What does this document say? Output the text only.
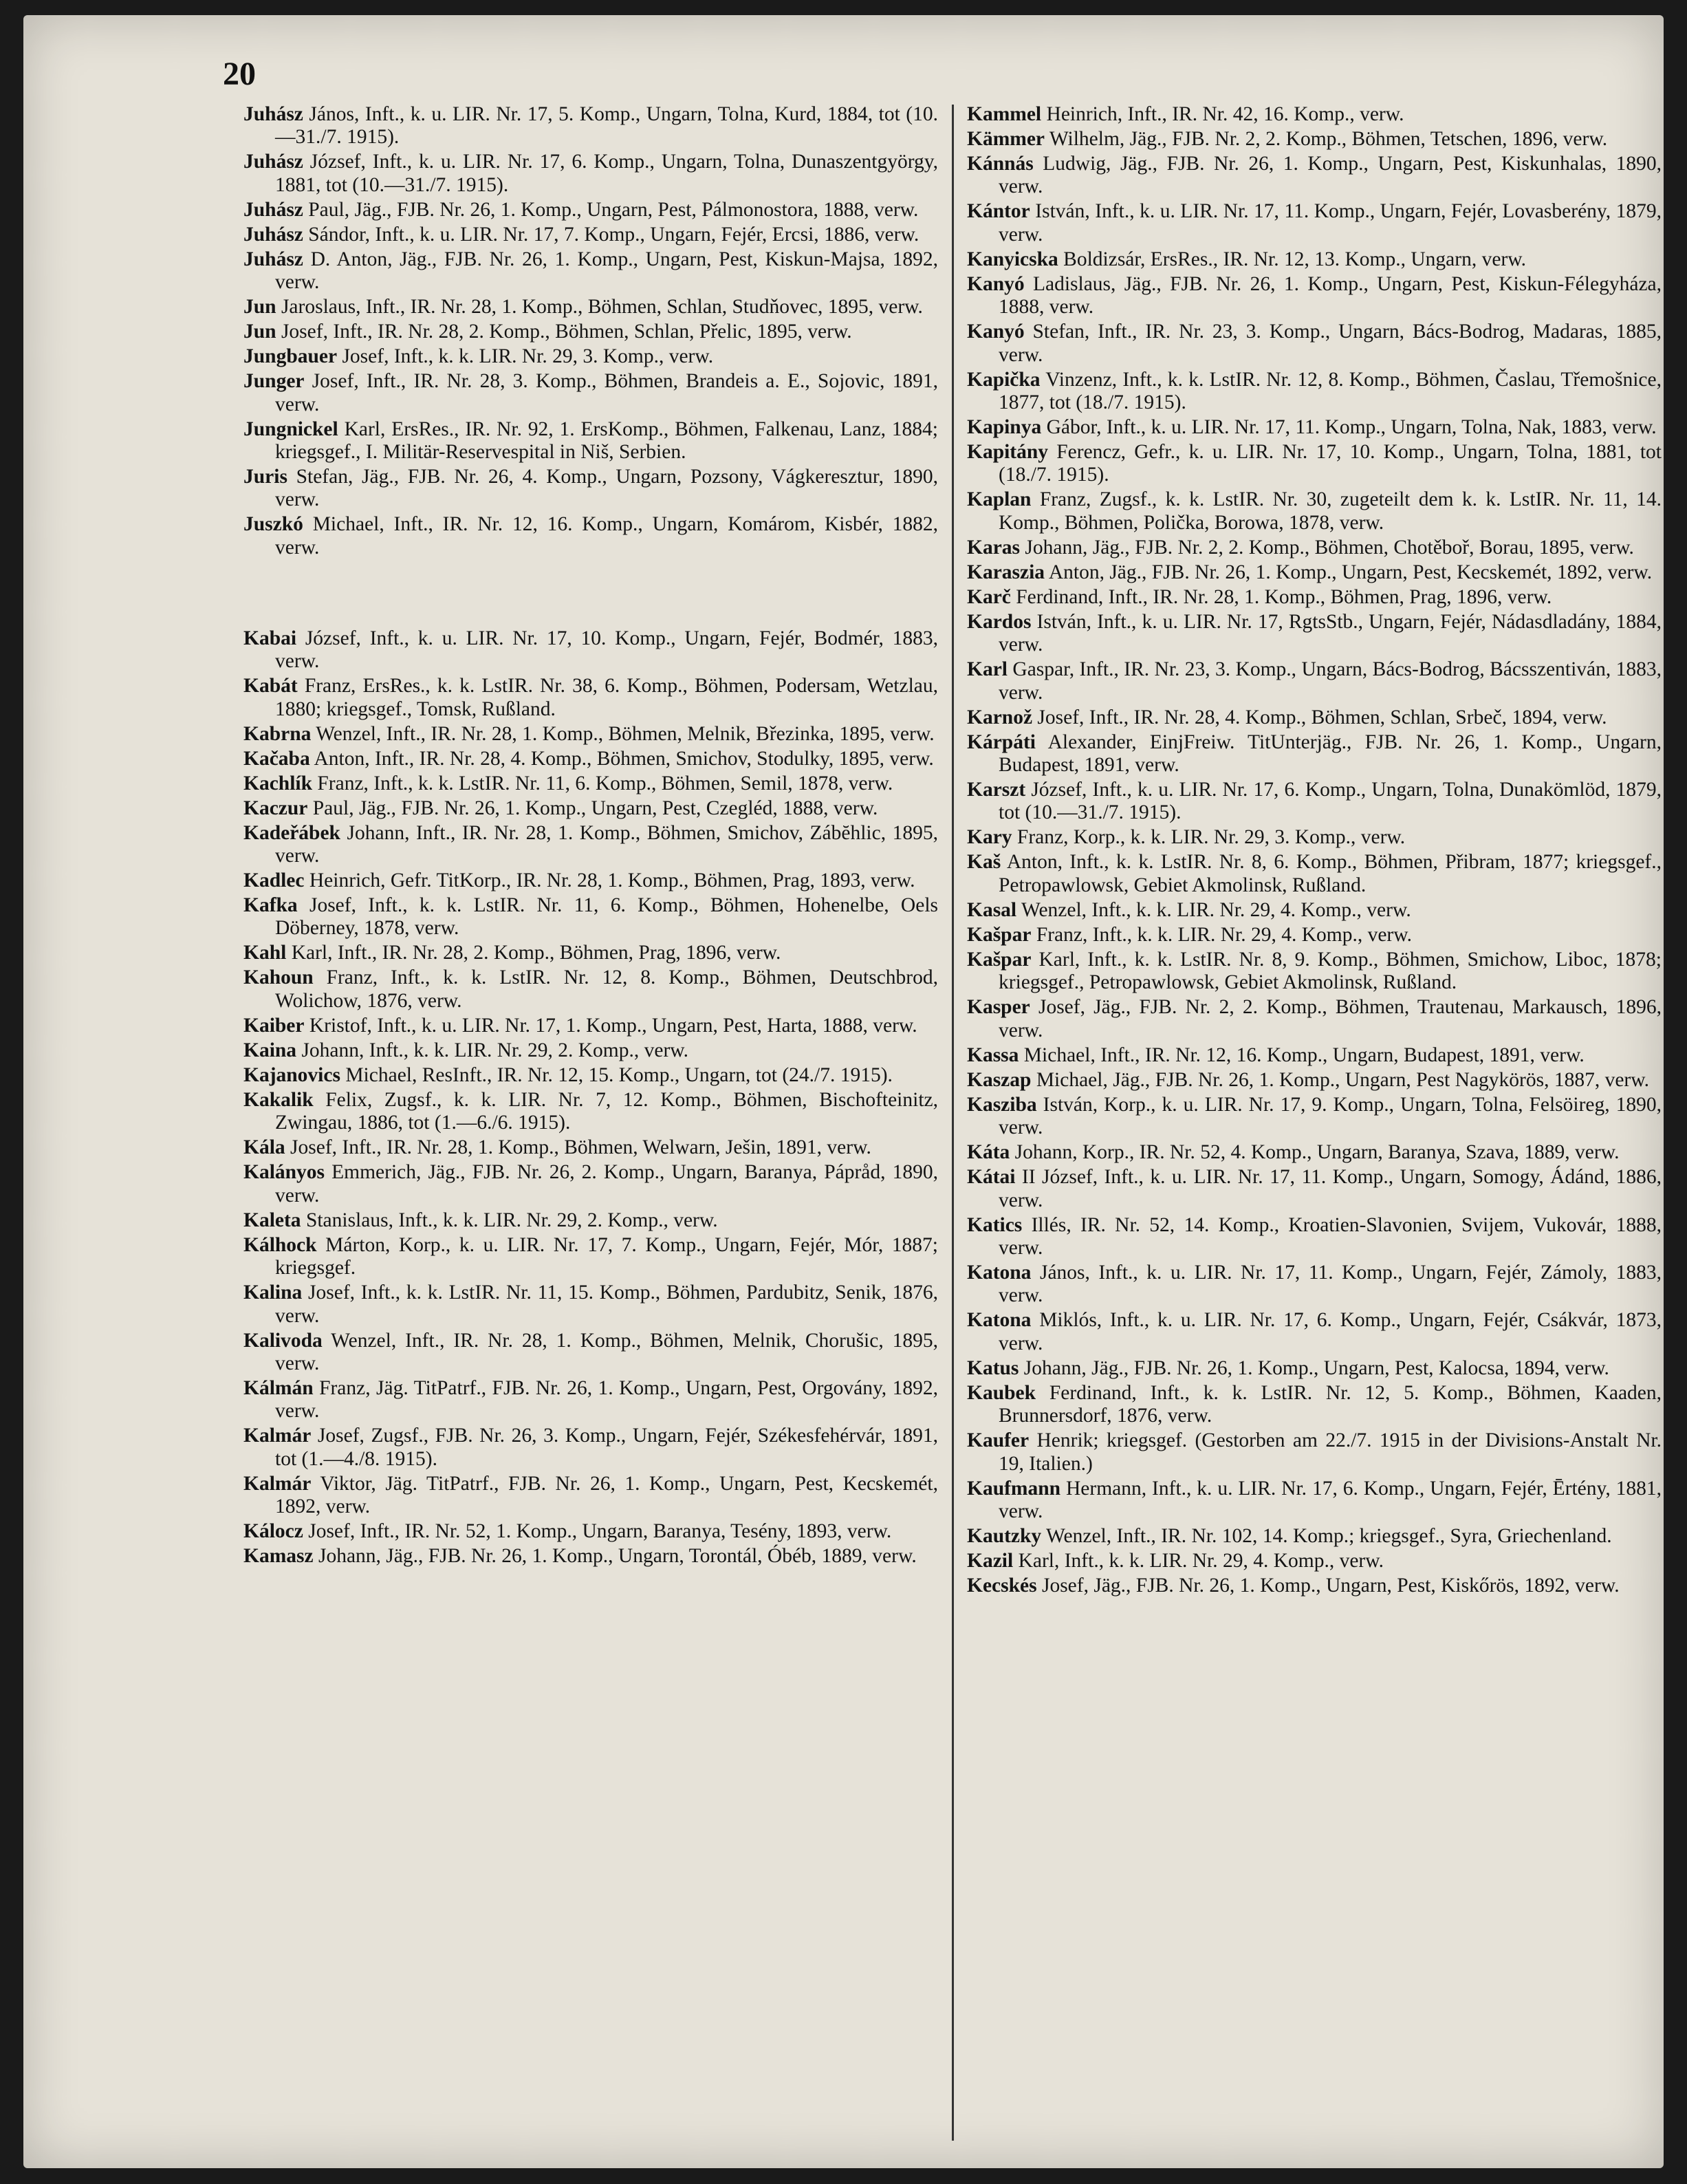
20
Juhász János, Inft., k. u. LIR. Nr. 17, 5. Komp., Ungarn, Tolna, Kurd, 1884, tot (10.—31./7. 1915).
Juhász József, Inft., k. u. LIR. Nr. 17, 6. Komp., Ungarn, Tolna, Dunaszentgyörgy, 1881, tot (10.—31./7. 1915).
Juhász Paul, Jäg., FJB. Nr. 26, 1. Komp., Ungarn, Pest, Pálmonostora, 1888, verw.
Juhász Sándor, Inft., k. u. LIR. Nr. 17, 7. Komp., Ungarn, Fejér, Ercsi, 1886, verw.
Juhász D. Anton, Jäg., FJB. Nr. 26, 1. Komp., Ungarn, Pest, Kiskun-Majsa, 1892, verw.
Jun Jaroslaus, Inft., IR. Nr. 28, 1. Komp., Böhmen, Schlan, Studňovec, 1895, verw.
Jun Josef, Inft., IR. Nr. 28, 2. Komp., Böhmen, Schlan, Přelic, 1895, verw.
Jungbauer Josef, Inft., k. k. LIR. Nr. 29, 3. Komp., verw.
Junger Josef, Inft., IR. Nr. 28, 3. Komp., Böhmen, Brandeis a. E., Sojovic, 1891, verw.
Jungnickel Karl, ErsRes., IR. Nr. 92, 1. ErsKomp., Böhmen, Falkenau, Lanz, 1884; kriegsgef., I. Militär-Reservespital in Niš, Serbien.
Juris Stefan, Jäg., FJB. Nr. 26, 4. Komp., Ungarn, Pozsony, Vágkeresztur, 1890, verw.
Juszkó Michael, Inft., IR. Nr. 12, 16. Komp., Ungarn, Komárom, Kisbér, 1882, verw.
Kabai József, Inft., k. u. LIR. Nr. 17, 10. Komp., Ungarn, Fejér, Bodmér, 1883, verw.
Kabát Franz, ErsRes., k. k. LstIR. Nr. 38, 6. Komp., Böhmen, Podersam, Wetzlau, 1880; kriegsgef., Tomsk, Rußland.
Kabrna Wenzel, Inft., IR. Nr. 28, 1. Komp., Böhmen, Melnik, Březinka, 1895, verw.
Kačaba Anton, Inft., IR. Nr. 28, 4. Komp., Böhmen, Smichov, Stodulky, 1895, verw.
Kachlík Franz, Inft., k. k. LstIR. Nr. 11, 6. Komp., Böhmen, Semil, 1878, verw.
Kaczur Paul, Jäg., FJB. Nr. 26, 1. Komp., Ungarn, Pest, Czegléd, 1888, verw.
Kadeřábek Johann, Inft., IR. Nr. 28, 1. Komp., Böhmen, Smichov, Zábĕhlic, 1895, verw.
Kadlec Heinrich, Gefr. TitKorp., IR. Nr. 28, 1. Komp., Böhmen, Prag, 1893, verw.
Kafka Josef, Inft., k. k. LstIR. Nr. 11, 6. Komp., Böhmen, Hohenelbe, Oels Döberney, 1878, verw.
Kahl Karl, Inft., IR. Nr. 28, 2. Komp., Böhmen, Prag, 1896, verw.
Kahoun Franz, Inft., k. k. LstIR. Nr. 12, 8. Komp., Böhmen, Deutschbrod, Wolichow, 1876, verw.
Kaiber Kristof, Inft., k. u. LIR. Nr. 17, 1. Komp., Ungarn, Pest, Harta, 1888, verw.
Kaina Johann, Inft., k. k. LIR. Nr. 29, 2. Komp., verw.
Kajanovics Michael, ResInft., IR. Nr. 12, 15. Komp., Ungarn, tot (24./7. 1915).
Kakalik Felix, Zugsf., k. k. LIR. Nr. 7, 12. Komp., Böhmen, Bischofteinitz, Zwingau, 1886, tot (1.—6./6. 1915).
Kála Josef, Inft., IR. Nr. 28, 1. Komp., Böhmen, Welwarn, Ješin, 1891, verw.
Kalányos Emmerich, Jäg., FJB. Nr. 26, 2. Komp., Ungarn, Baranya, Pápråd, 1890, verw.
Kaleta Stanislaus, Inft., k. k. LIR. Nr. 29, 2. Komp., verw.
Kálhock Márton, Korp., k. u. LIR. Nr. 17, 7. Komp., Ungarn, Fejér, Mór, 1887; kriegsgef.
Kalina Josef, Inft., k. k. LstIR. Nr. 11, 15. Komp., Böhmen, Pardubitz, Senik, 1876, verw.
Kalivoda Wenzel, Inft., IR. Nr. 28, 1. Komp., Böhmen, Melnik, Chorušic, 1895, verw.
Kálmán Franz, Jäg. TitPatrf., FJB. Nr. 26, 1. Komp., Ungarn, Pest, Orgovány, 1892, verw.
Kalmár Josef, Zugsf., FJB. Nr. 26, 3. Komp., Ungarn, Fejér, Székesfehérvár, 1891, tot (1.—4./8. 1915).
Kalmár Viktor, Jäg. TitPatrf., FJB. Nr. 26, 1. Komp., Ungarn, Pest, Kecskemét, 1892, verw.
Kálocz Josef, Inft., IR. Nr. 52, 1. Komp., Ungarn, Baranya, Tesény, 1893, verw.
Kamasz Johann, Jäg., FJB. Nr. 26, 1. Komp., Ungarn, Torontál, Óbéb, 1889, verw.
Kammel Heinrich, Inft., IR. Nr. 42, 16. Komp., verw.
Kämmer Wilhelm, Jäg., FJB. Nr. 2, 2. Komp., Böhmen, Tetschen, 1896, verw.
Kánnás Ludwig, Jäg., FJB. Nr. 26, 1. Komp., Ungarn, Pest, Kiskunhalas, 1890, verw.
Kántor István, Inft., k. u. LIR. Nr. 17, 11. Komp., Ungarn, Fejér, Lovasberény, 1879, verw.
Kanyicska Boldizsár, ErsRes., IR. Nr. 12, 13. Komp., Ungarn, verw.
Kanyó Ladislaus, Jäg., FJB. Nr. 26, 1. Komp., Ungarn, Pest, Kiskun-Félegyháza, 1888, verw.
Kanyó Stefan, Inft., IR. Nr. 23, 3. Komp., Ungarn, Bács-Bodrog, Madaras, 1885, verw.
Kapička Vinzenz, Inft., k. k. LstIR. Nr. 12, 8. Komp., Böhmen, Časlau, Třemošnice, 1877, tot (18./7. 1915).
Kapinya Gábor, Inft., k. u. LIR. Nr. 17, 11. Komp., Ungarn, Tolna, Nak, 1883, verw.
Kapitány Ferencz, Gefr., k. u. LIR. Nr. 17, 10. Komp., Ungarn, Tolna, 1881, tot (18./7. 1915).
Kaplan Franz, Zugsf., k. k. LstIR. Nr. 30, zugeteilt dem k. k. LstIR. Nr. 11, 14. Komp., Böhmen, Polička, Borowa, 1878, verw.
Karas Johann, Jäg., FJB. Nr. 2, 2. Komp., Böhmen, Chotěboř, Borau, 1895, verw.
Karaszia Anton, Jäg., FJB. Nr. 26, 1. Komp., Ungarn, Pest, Kecskemét, 1892, verw.
Karč Ferdinand, Inft., IR. Nr. 28, 1. Komp., Böhmen, Prag, 1896, verw.
Kardos István, Inft., k. u. LIR. Nr. 17, RgtsStb., Ungarn, Fejér, Nádasdladány, 1884, verw.
Karl Gaspar, Inft., IR. Nr. 23, 3. Komp., Ungarn, Bács-Bodrog, Bácsszentiván, 1883, verw.
Karnož Josef, Inft., IR. Nr. 28, 4. Komp., Böhmen, Schlan, Srbeč, 1894, verw.
Kárpáti Alexander, EinjFreiw. TitUnterjäg., FJB. Nr. 26, 1. Komp., Ungarn, Budapest, 1891, verw.
Karszt József, Inft., k. u. LIR. Nr. 17, 6. Komp., Ungarn, Tolna, Dunakömlöd, 1879, tot (10.—31./7. 1915).
Kary Franz, Korp., k. k. LIR. Nr. 29, 3. Komp., verw.
Kaš Anton, Inft., k. k. LstIR. Nr. 8, 6. Komp., Böhmen, Přibram, 1877; kriegsgef., Petropawlowsk, Gebiet Akmolinsk, Rußland.
Kasal Wenzel, Inft., k. k. LIR. Nr. 29, 4. Komp., verw.
Kašpar Franz, Inft., k. k. LIR. Nr. 29, 4. Komp., verw.
Kašpar Karl, Inft., k. k. LstIR. Nr. 8, 9. Komp., Böhmen, Smichow, Liboc, 1878; kriegsgef., Petropawlowsk, Gebiet Akmolinsk, Rußland.
Kasper Josef, Jäg., FJB. Nr. 2, 2. Komp., Böhmen, Trautenau, Markausch, 1896, verw.
Kassa Michael, Inft., IR. Nr. 12, 16. Komp., Ungarn, Budapest, 1891, verw.
Kaszap Michael, Jäg., FJB. Nr. 26, 1. Komp., Ungarn, Pest Nagykörös, 1887, verw.
Kasziba István, Korp., k. u. LIR. Nr. 17, 9. Komp., Ungarn, Tolna, Felsöireg, 1890, verw.
Káta Johann, Korp., IR. Nr. 52, 4. Komp., Ungarn, Baranya, Szava, 1889, verw.
Kátai II József, Inft., k. u. LIR. Nr. 17, 11. Komp., Ungarn, Somogy, Ádánd, 1886, verw.
Katics Illés, IR. Nr. 52, 14. Komp., Kroatien-Slavonien, Svijem, Vukovár, 1888, verw.
Katona János, Inft., k. u. LIR. Nr. 17, 11. Komp., Ungarn, Fejér, Zámoly, 1883, verw.
Katona Miklós, Inft., k. u. LIR. Nr. 17, 6. Komp., Ungarn, Fejér, Csákvár, 1873, verw.
Katus Johann, Jäg., FJB. Nr. 26, 1. Komp., Ungarn, Pest, Kalocsa, 1894, verw.
Kaubek Ferdinand, Inft., k. k. LstIR. Nr. 12, 5. Komp., Böhmen, Kaaden, Brunnersdorf, 1876, verw.
Kaufer Henrik; kriegsgef. (Gestorben am 22./7. 1915 in der Divisions-Anstalt Nr. 19, Italien.)
Kaufmann Hermann, Inft., k. u. LIR. Nr. 17, 6. Komp., Ungarn, Fejér, Ērtény, 1881, verw.
Kautzky Wenzel, Inft., IR. Nr. 102, 14. Komp.; kriegsgef., Syra, Griechenland.
Kazil Karl, Inft., k. k. LIR. Nr. 29, 4. Komp., verw.
Kecskés Josef, Jäg., FJB. Nr. 26, 1. Komp., Ungarn, Pest, Kiskőrös, 1892, verw.
